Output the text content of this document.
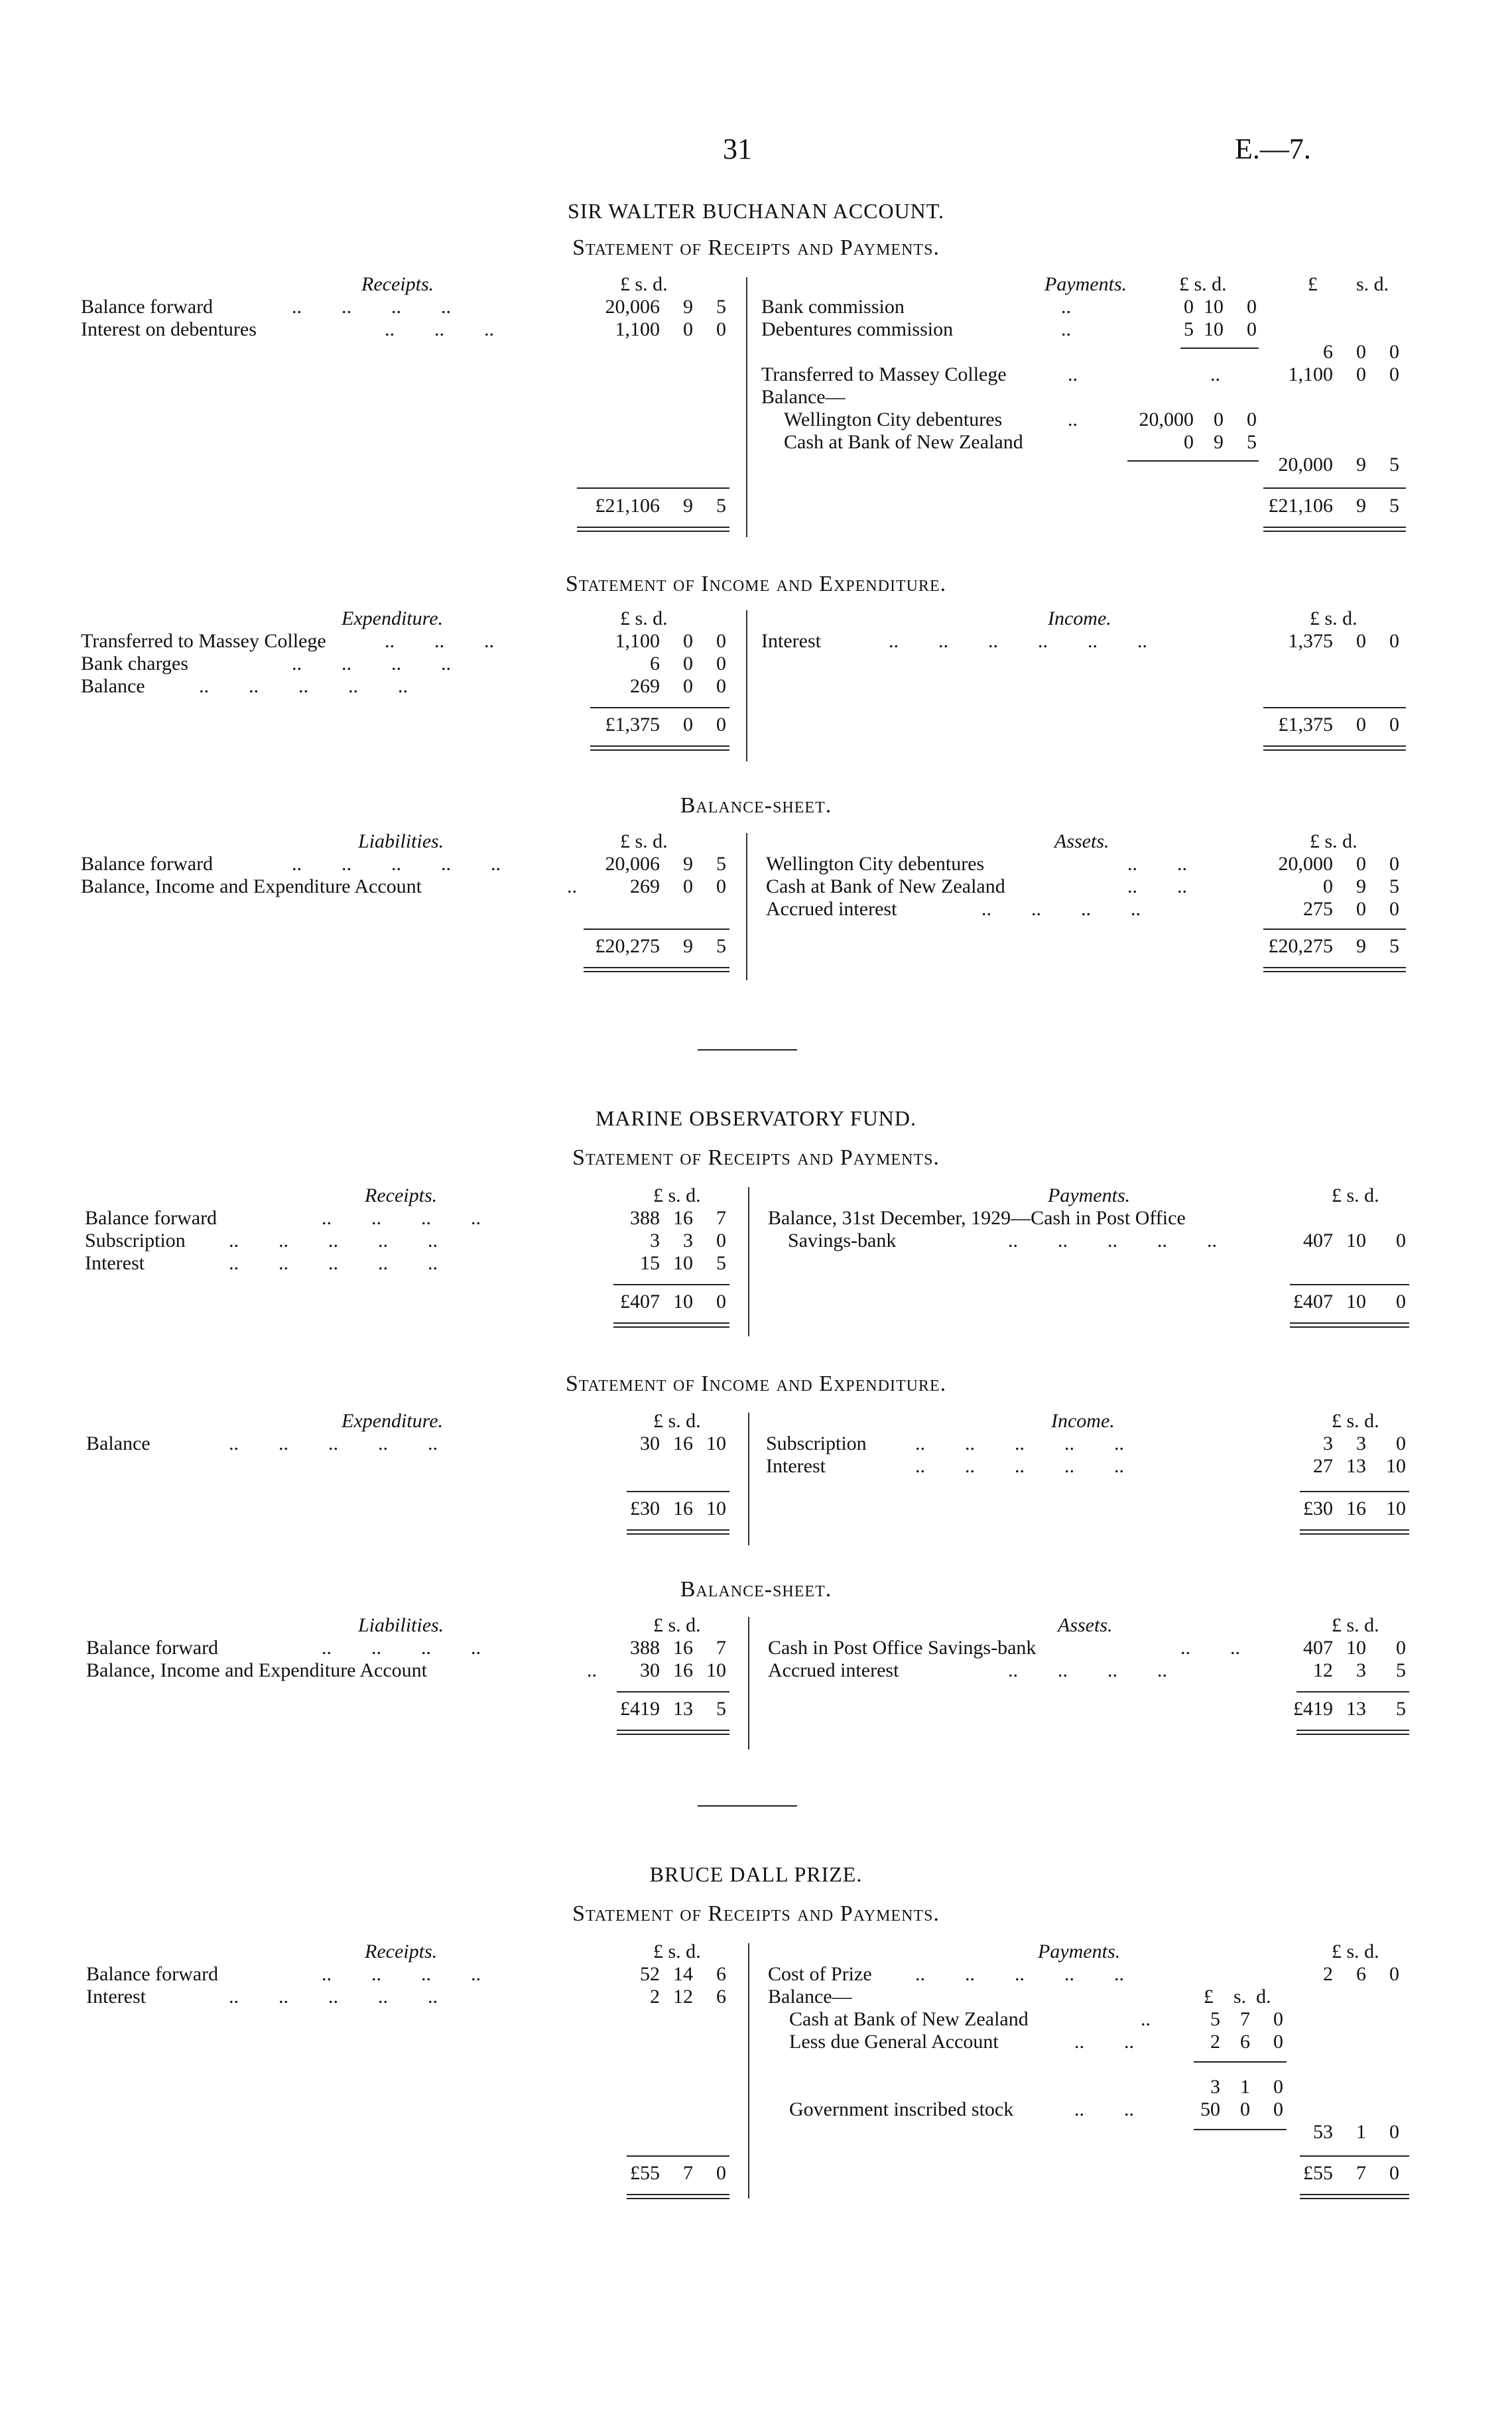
31	E.—7.
SIR WALTER BUCHANAN ACCOUNT.
Statement of Receipts and Payments.
Receipts.	£ s. d.	Payments.	£ s. d.	£ s. d.
Balance forward	..        ..        ..        ..	20,006	9	5
Interest on debentures	..        ..        ..	1,100	0	0
£21,106	9	5
Bank commission	..	0 10	0
Debentures commission	..	5 10	0
6	0	0
Transferred to Massey College	..	..	1,100	0	0
Balance—
Wellington City debentures	..	20,000	0	0
Cash at Bank of New Zealand	0	9	5
20,000	9	5
£21,106	9	5
Statement of Income and Expenditure.
Expenditure.	£ s. d.	Income.	£ s. d.
Transferred to Massey College	..        ..        ..	1,100	0	0
Bank charges	..        ..        ..        ..	6	0	0
Balance	..        ..        ..        ..        ..	269	0	0
£1,375	0	0
Interest	..        ..        ..        ..        ..        ..	1,375	0	0
£1,375	0	0
Balance-sheet.
Liabilities.	£ s. d.	Assets.	£ s. d.
Balance forward	..        ..        ..        ..        ..	20,006	9	5
Balance, Income and Expenditure Account	..	269	0	0
£20,275	9	5
Wellington City debentures	..        ..	20,000	0	0
Cash at Bank of New Zealand	..        ..	0	9	5
Accrued interest	..        ..        ..        ..	275	0	0
£20,275	9	5
MARINE OBSERVATORY FUND.
Statement of Receipts and Payments.
Receipts.	£ s. d.	Payments.	£ s. d.
Balance forward	..        ..        ..        ..	388 16	7
Subscription ..        ..        ..        ..        ..	3	3	0
Interest	..        ..        ..        ..        ..	15 10	5
£407 10	0
Balance, 31st December, 1929—Cash in Post Office
Savings-bank	..        ..        ..        ..        ..	407 10	0
£407 10	0
Statement of Income and Expenditure.
Expenditure.	£ s. d.	Income.	£ s. d.
Balance	..        ..        ..        ..        ..	30 16 10
£30 16 10
Subscription ..        ..        ..        ..        ..	3	3	0
Interest	..        ..        ..        ..        ..	27 13	10
£30 16	10
Balance-sheet.
Liabilities.	£ s. d.	Assets.	£ s. d.
Balance forward	..        ..        ..        ..	388 16	7
Balance, Income and Expenditure Account	..	30 16 10
£419 13	5
Cash in Post Office Savings-bank	..        ..	407 10	0
Accrued interest	..        ..        ..        ..	12	3	5
£419 13	5
BRUCE DALL PRIZE.
Statement of Receipts and Payments.
Receipts.	£ s. d.	Payments.	£ s. d.
Balance forward	..        ..        ..        ..	52 14	6
Interest	..        ..        ..        ..        ..	2 12	6
£55	7	0
Cost of Prize ..        ..        ..        ..        ..	2	6	0
Balance—	£    s.  d.
Cash at Bank of New Zealand	..	5	7	0
Less due General Account	..        ..	2	6	0
3	1	0
Government inscribed stock	..        ..	50	0	0
53	1	0
£55	7	0
